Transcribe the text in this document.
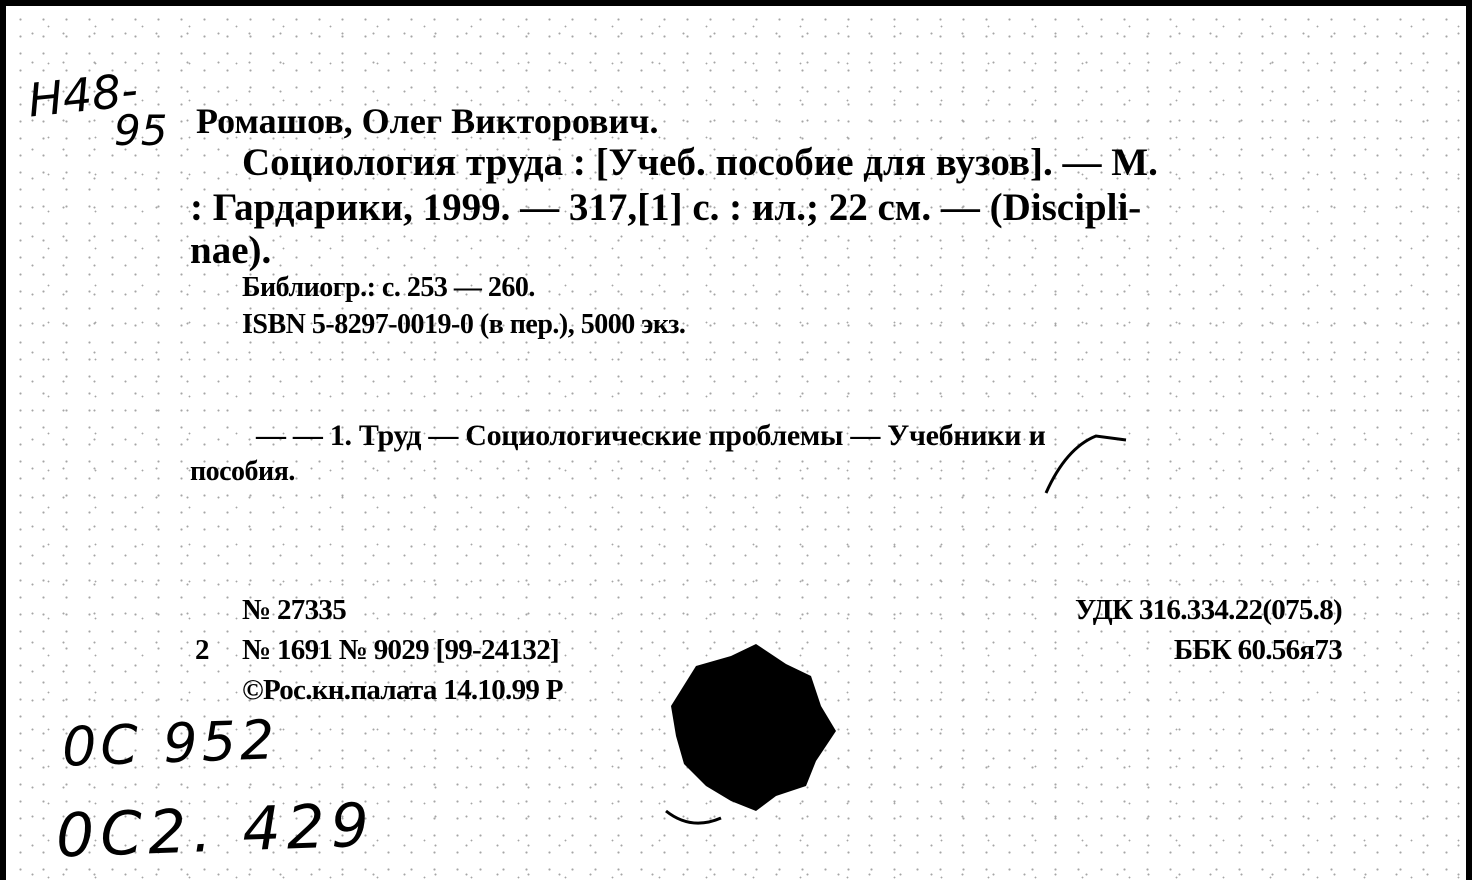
Н48-
95 Ромашов, Олег Викторович.
Социология труда : [Учеб. пособие для вузов]. — М.
: Гардарики, 1999. — 317,[1] с. : ил.; 22 см. — (Discipli-
nae).
Библиогр.: с. 253 — 260.
ISBN 5-8297-0019-0 (в пер.), 5000 экз.
— — 1. Труд — Социологические проблемы — Учебники и
пособия.
№ 27335
2 № 1691 № 9029 [99-24132]
©Рос.кн.палата 14.10.99 Р
УДК 316.334.22(075.8)
ББК 60.56я73
0С 952
0С2. 429
